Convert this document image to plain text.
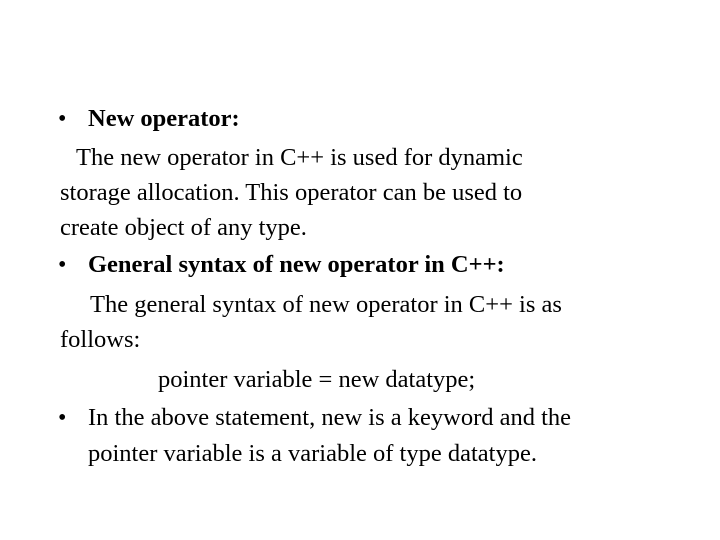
• New operator:
The new operator in C++ is used for dynamic
storage allocation. This operator can be used to
create object of any type.
• General syntax of new operator in C++:
The general syntax of new operator in C++ is as
follows:
pointer variable = new datatype;
• In the above statement, new is a keyword and the
pointer variable is a variable of type datatype.
